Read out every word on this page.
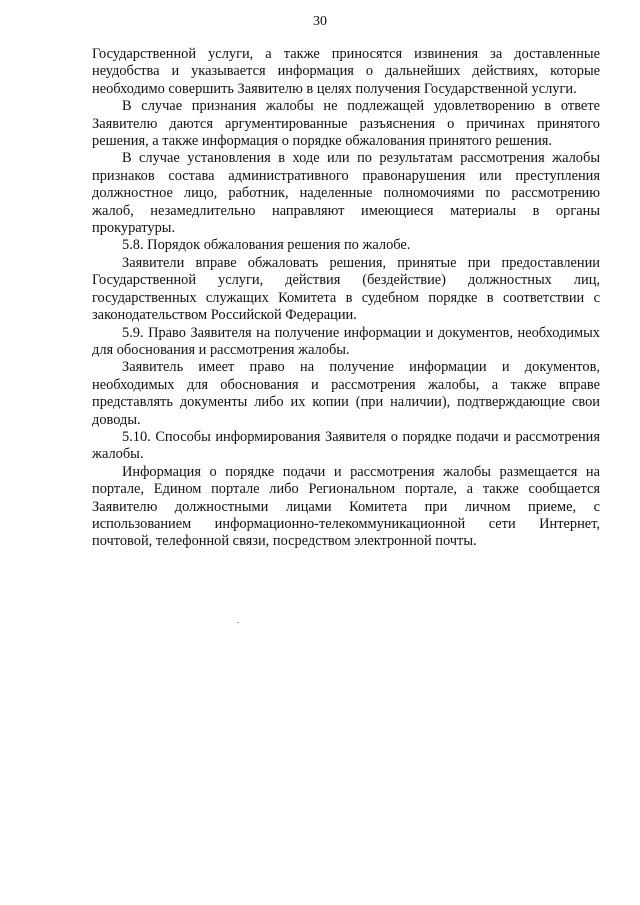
30

Государственной услуги, а также приносятся извинения за доставленные неудобства и указывается информация о дальнейших действиях, которые необходимо совершить Заявителю в целях получения Государственной услуги.

В случае признания жалобы не подлежащей удовлетворению в ответе Заявителю даются аргументированные разъяснения о причинах принятого решения, а также информация о порядке обжалования принятого решения.

В случае установления в ходе или по результатам рассмотрения жалобы признаков состава административного правонарушения или преступления должностное лицо, работник, наделенные полномочиями по рассмотрению жалоб, незамедлительно направляют имеющиеся материалы в органы прокуратуры.

5.8. Порядок обжалования решения по жалобе.

Заявители вправе обжаловать решения, принятые при предоставлении Государственной услуги, действия (бездействие) должностных лиц, государственных служащих Комитета в судебном порядке в соответствии с законодательством Российской Федерации.

5.9. Право Заявителя на получение информации и документов, необходимых для обоснования и рассмотрения жалобы.

Заявитель имеет право на получение информации и документов, необходимых для обоснования и рассмотрения жалобы, а также вправе представлять документы либо их копии (при наличии), подтверждающие свои доводы.

5.10. Способы информирования Заявителя о порядке подачи и рассмотрения жалобы.

Информация о порядке подачи и рассмотрения жалобы размещается на портале, Едином портале либо Региональном портале, а также сообщается Заявителю должностными лицами Комитета при личном приеме, с использованием информационно-телекоммуникационной сети Интернет, почтовой, телефонной связи, посредством электронной почты.
